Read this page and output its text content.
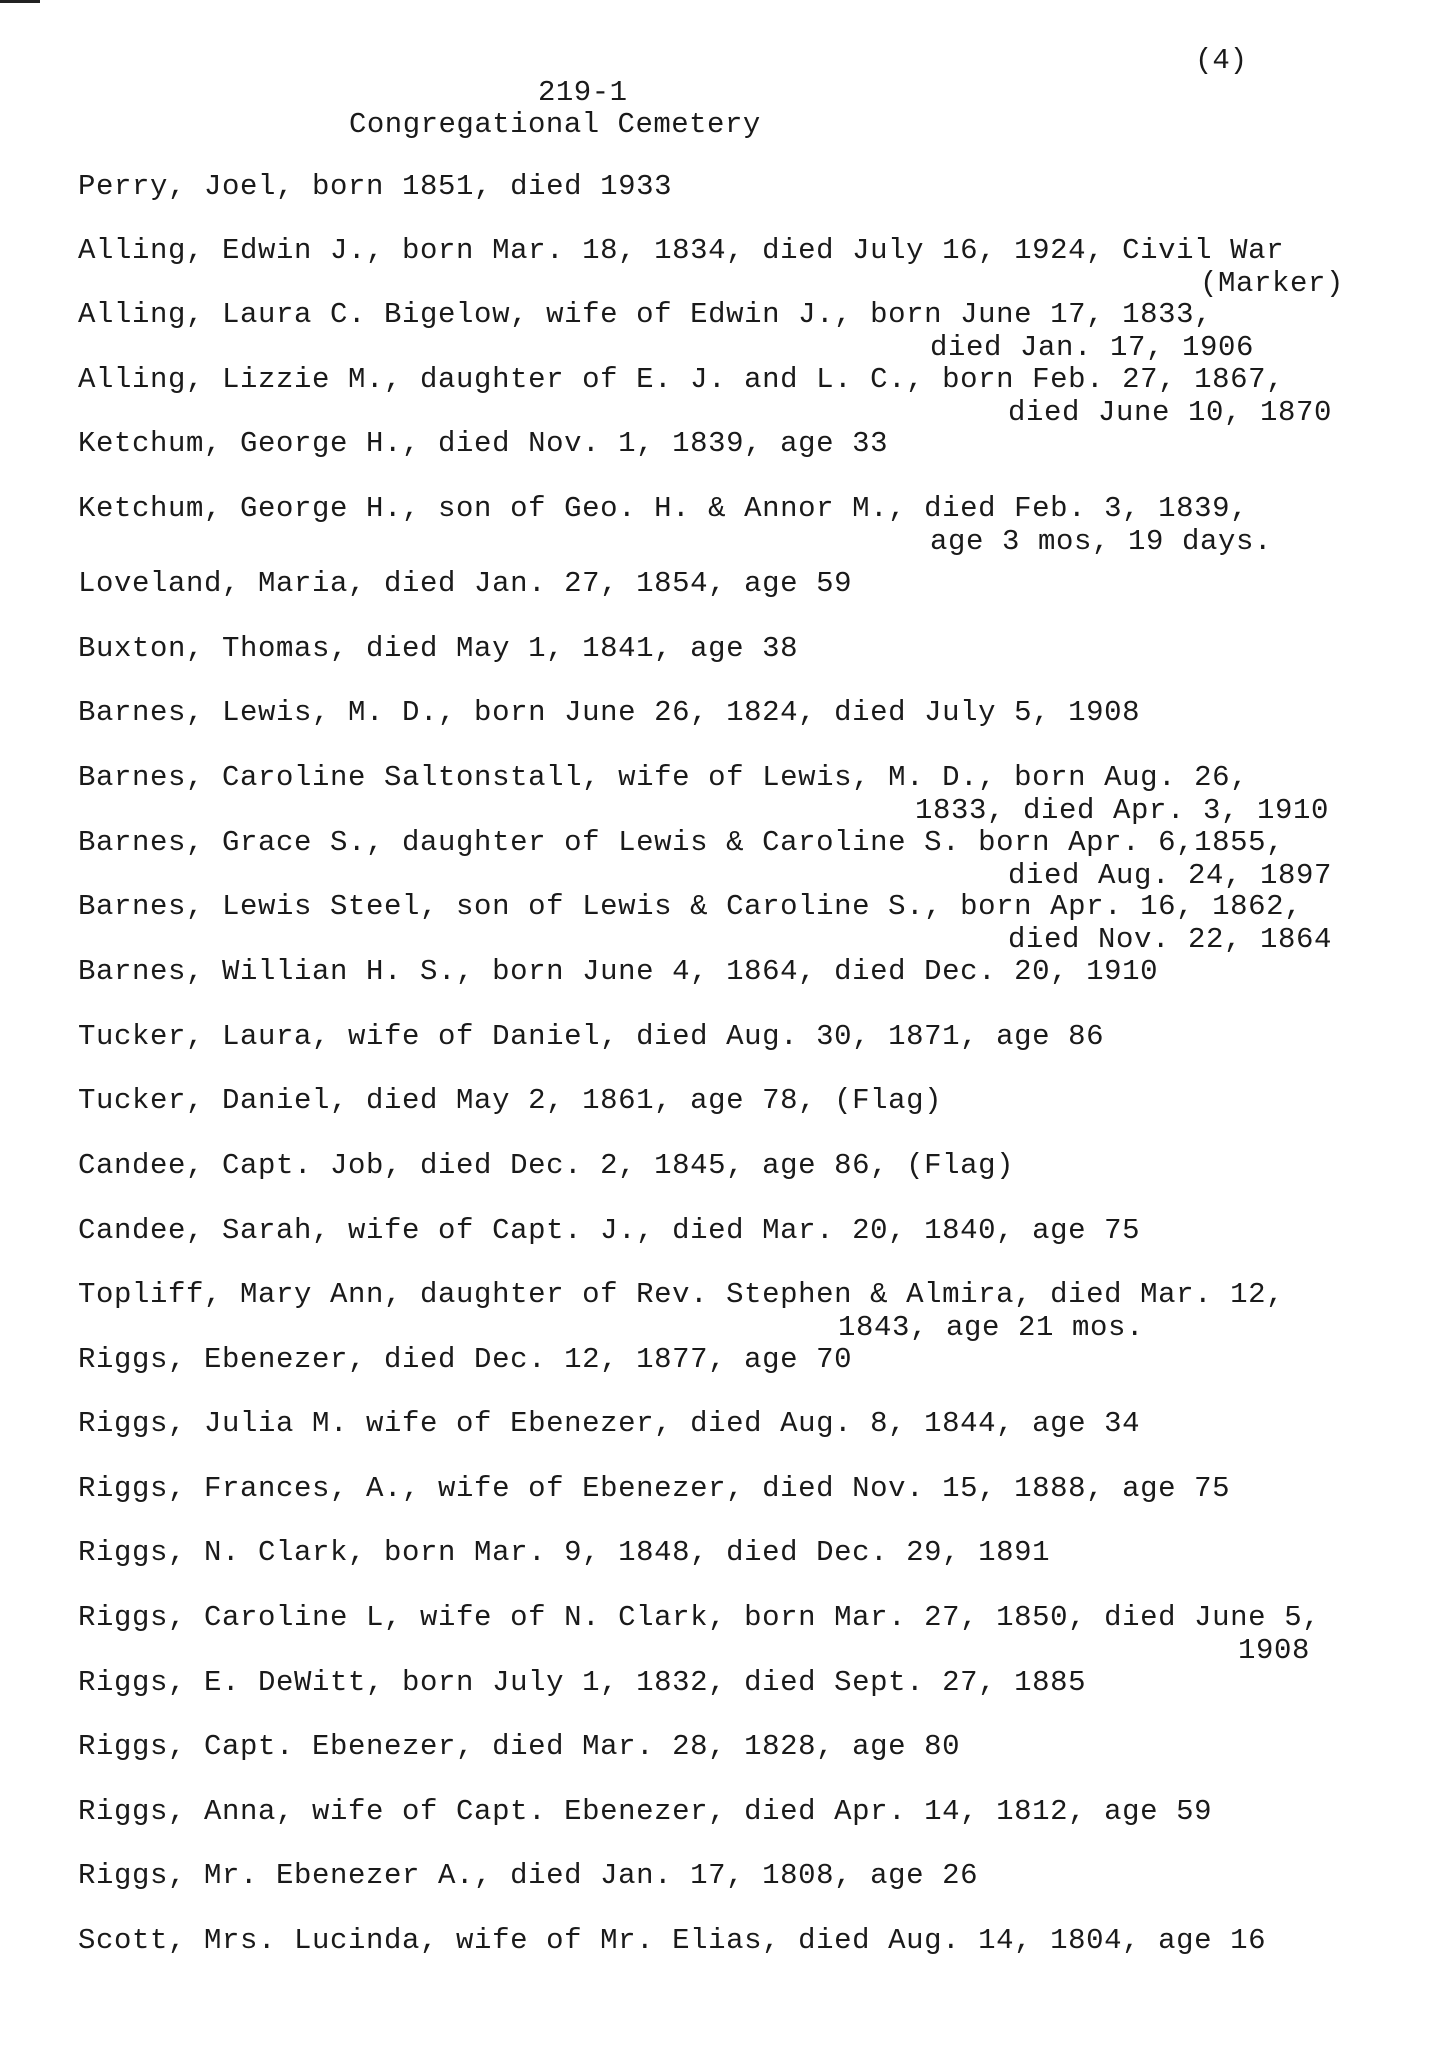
(4)
219-1
Congregational Cemetery
Perry, Joel, born 1851, died 1933
Alling, Edwin J., born Mar. 18, 1834, died July 16, 1924, Civil War
(Marker)
Alling, Laura C. Bigelow, wife of Edwin J., born June 17, 1833,
died Jan. 17, 1906
Alling, Lizzie M., daughter of E. J. and L. C., born Feb. 27, 1867,
died June 10, 1870
Ketchum, George H., died Nov. 1, 1839, age 33
Ketchum, George H., son of Geo. H. & Annor M., died Feb. 3, 1839,
age 3 mos, 19 days.
Loveland, Maria, died Jan. 27, 1854, age 59
Buxton, Thomas, died May 1, 1841, age 38
Barnes, Lewis, M. D., born June 26, 1824, died July 5, 1908
Barnes, Caroline Saltonstall, wife of Lewis, M. D., born Aug. 26,
1833, died Apr. 3, 1910
Barnes, Grace S., daughter of Lewis & Caroline S. born Apr. 6,1855,
died Aug. 24, 1897
Barnes, Lewis Steel, son of Lewis & Caroline S., born Apr. 16, 1862,
died Nov. 22, 1864
Barnes, Willian H. S., born June 4, 1864, died Dec. 20, 1910
Tucker, Laura, wife of Daniel, died Aug. 30, 1871, age 86
Tucker, Daniel, died May 2, 1861, age 78, (Flag)
Candee, Capt. Job, died Dec. 2, 1845, age 86, (Flag)
Candee, Sarah, wife of Capt. J., died Mar. 20, 1840, age 75
Topliff, Mary Ann, daughter of Rev. Stephen & Almira, died Mar. 12,
1843, age 21 mos.
Riggs, Ebenezer, died Dec. 12, 1877, age 70
Riggs, Julia M. wife of Ebenezer, died Aug. 8, 1844, age 34
Riggs, Frances, A., wife of Ebenezer, died Nov. 15, 1888, age 75
Riggs, N. Clark, born Mar. 9, 1848, died Dec. 29, 1891
Riggs, Caroline L, wife of N. Clark, born Mar. 27, 1850, died June 5,
1908
Riggs, E. DeWitt, born July 1, 1832, died Sept. 27, 1885
Riggs, Capt. Ebenezer, died Mar. 28, 1828, age 80
Riggs, Anna, wife of Capt. Ebenezer, died Apr. 14, 1812, age 59
Riggs, Mr. Ebenezer A., died Jan. 17, 1808, age 26
Scott, Mrs. Lucinda, wife of Mr. Elias, died Aug. 14, 1804, age 16
